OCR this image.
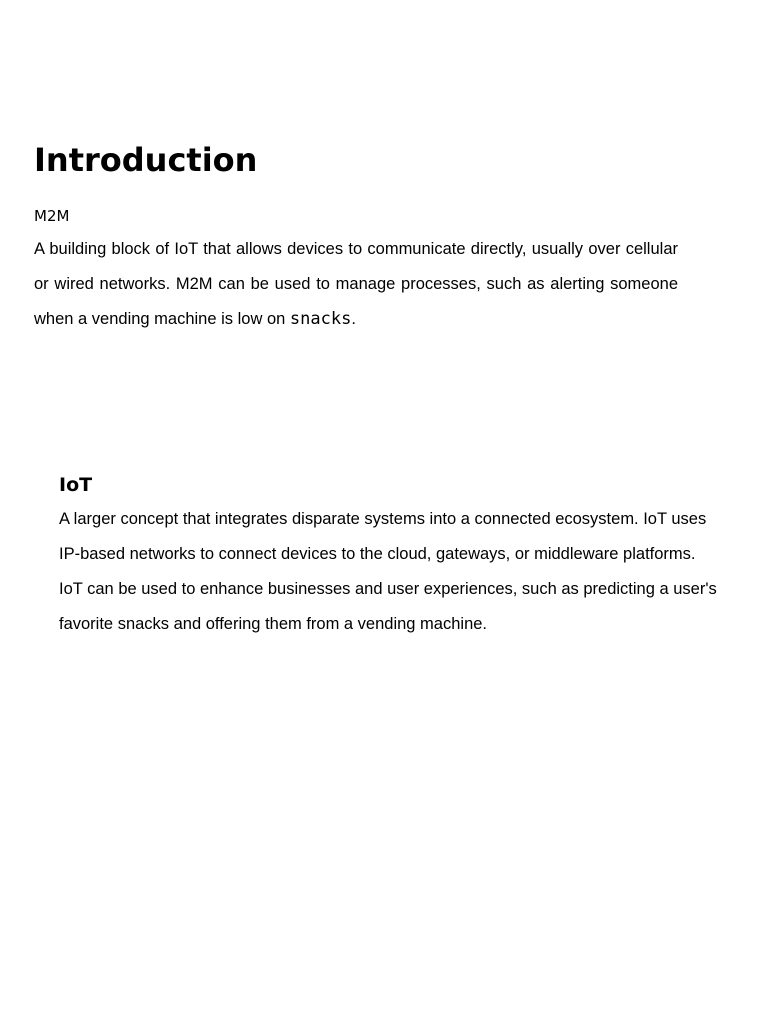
Introduction

M2M

A building block of IoT that allows devices to communicate directly, usually over cellular or wired networks. M2M can be used to manage processes, such as alerting someone when a vending machine is low on snacks.

IoT

A larger concept that integrates disparate systems into a connected ecosystem. IoT uses IP-based networks to connect devices to the cloud, gateways, or middleware platforms. IoT can be used to enhance businesses and user experiences, such as predicting a user's favorite snacks and offering them from a vending machine.
